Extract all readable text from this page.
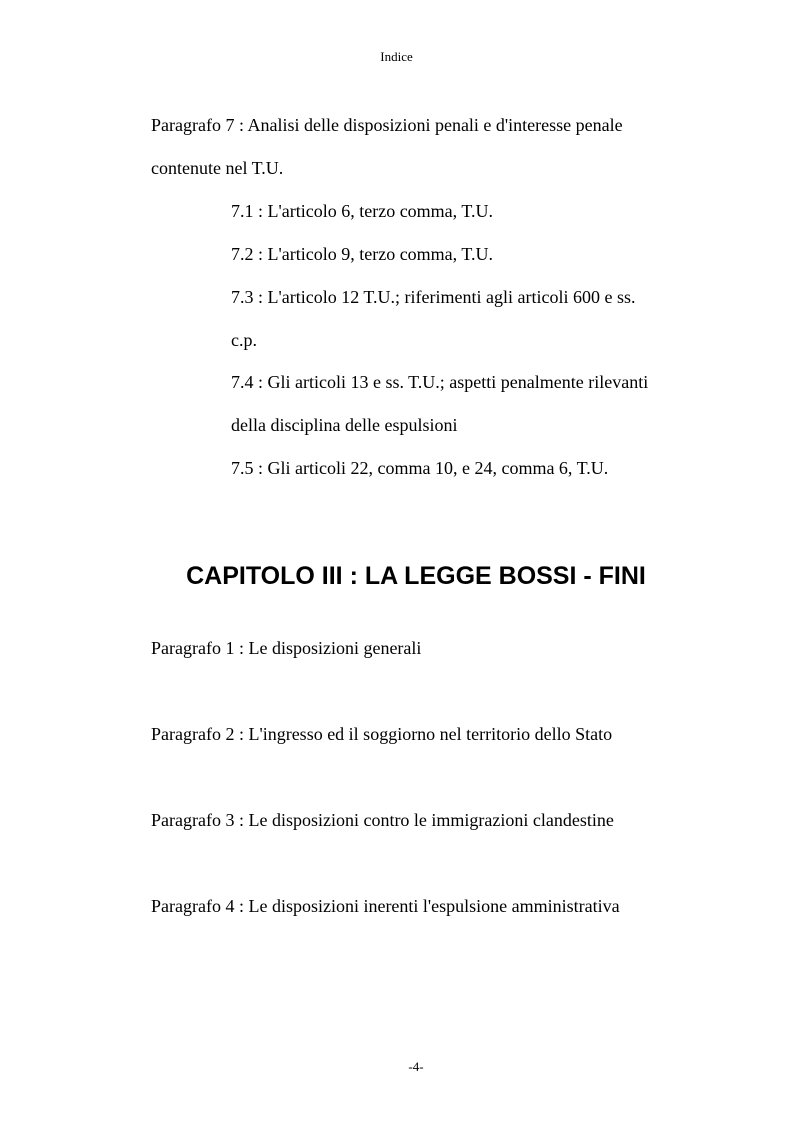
Indice
Paragrafo 7 : Analisi delle disposizioni penali e d'interesse penale
contenute nel T.U.
7.1 : L'articolo 6, terzo comma, T.U.
7.2 : L'articolo 9, terzo comma, T.U.
7.3 : L'articolo 12 T.U.; riferimenti agli articoli 600 e ss.
c.p.
7.4 : Gli articoli 13 e ss. T.U.; aspetti penalmente rilevanti
della disciplina delle espulsioni
7.5 : Gli articoli 22, comma 10, e 24, comma 6, T.U.
CAPITOLO III : LA LEGGE BOSSI - FINI
Paragrafo 1 : Le disposizioni generali
Paragrafo 2 : L'ingresso ed il soggiorno nel territorio dello Stato
Paragrafo 3 : Le disposizioni contro le immigrazioni clandestine
Paragrafo 4 : Le disposizioni inerenti l'espulsione amministrativa
-4-
